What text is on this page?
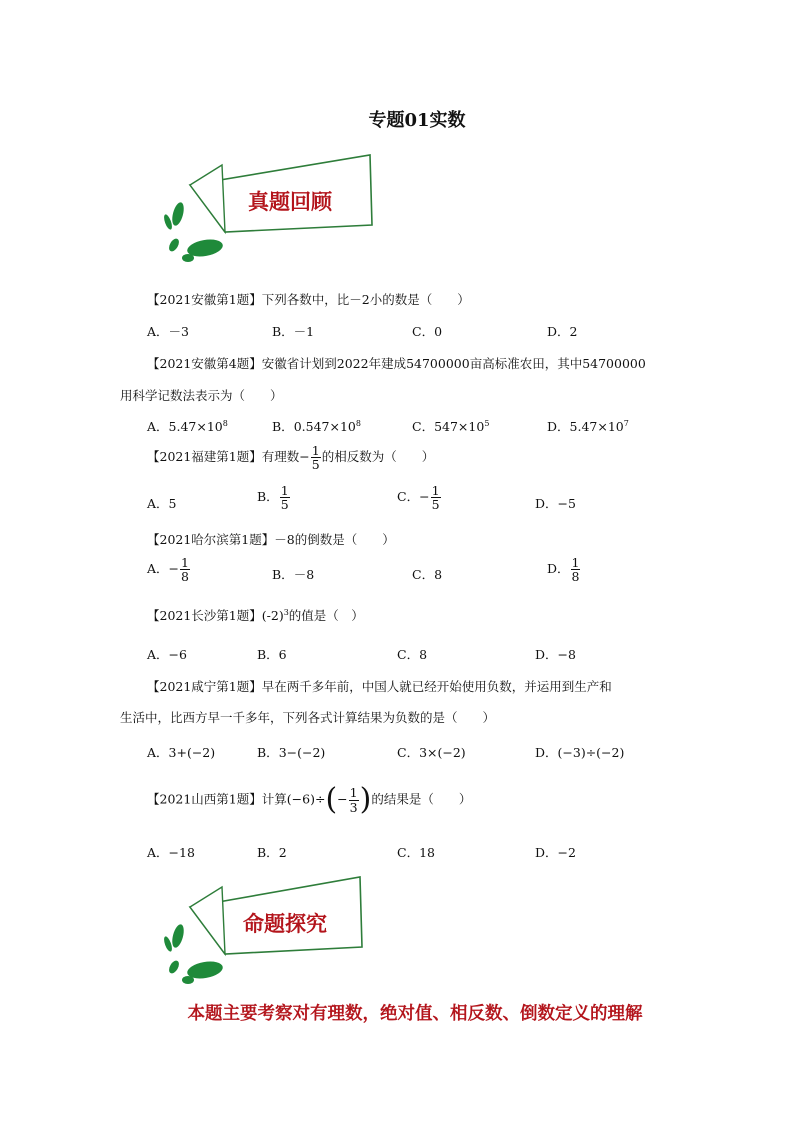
专题01实数
真题回顾
【2021安徽第1题】下列各数中，比－2小的数是（　　）
A．－3	B．－1	C．0	D．2
【2021安徽第4题】安徽省计划到2022年建成54700000亩高标准农田，其中54700000
用科学记数法表示为（　　）
A．$5.47\times 10^8$	B．$0.547\times 10^8$	C．$547\times 10^5$	D．$5.47\times 10^7$
【2021福建第1题】有理数− $\frac{1}{5}$ 的相反数为（　　）
A．5	B． $\frac{1}{5}$	C．− $\frac{1}{5}$	D．−5
【2021哈尔滨第1题】－8的倒数是（　　）
A．− $\frac{1}{8}$	B．－8	C．8	D． $\frac{1}{8}$
【2021长沙第1题】$(-2)^3$的值是（　）
A．−6	B．6	C．8	D．−8
【2021咸宁第1题】早在两千多年前，中国人就已经开始使用负数，并运用到生产和
生活中，比西方早一千多年，下列各式计算结果为负数的是（　　）
A．3+(−2)	B．3−(−2)	C．3×(−2)	D．(−3)÷(−2)
【2021山西第1题】计算$(-6)\div(- \frac{1}{3}$ )的结果是（　　）
A．−18	B．2	C．18	D．−2
命题探究
本题主要考察对有理数，绝对值、相反数、倒数定义的理解
